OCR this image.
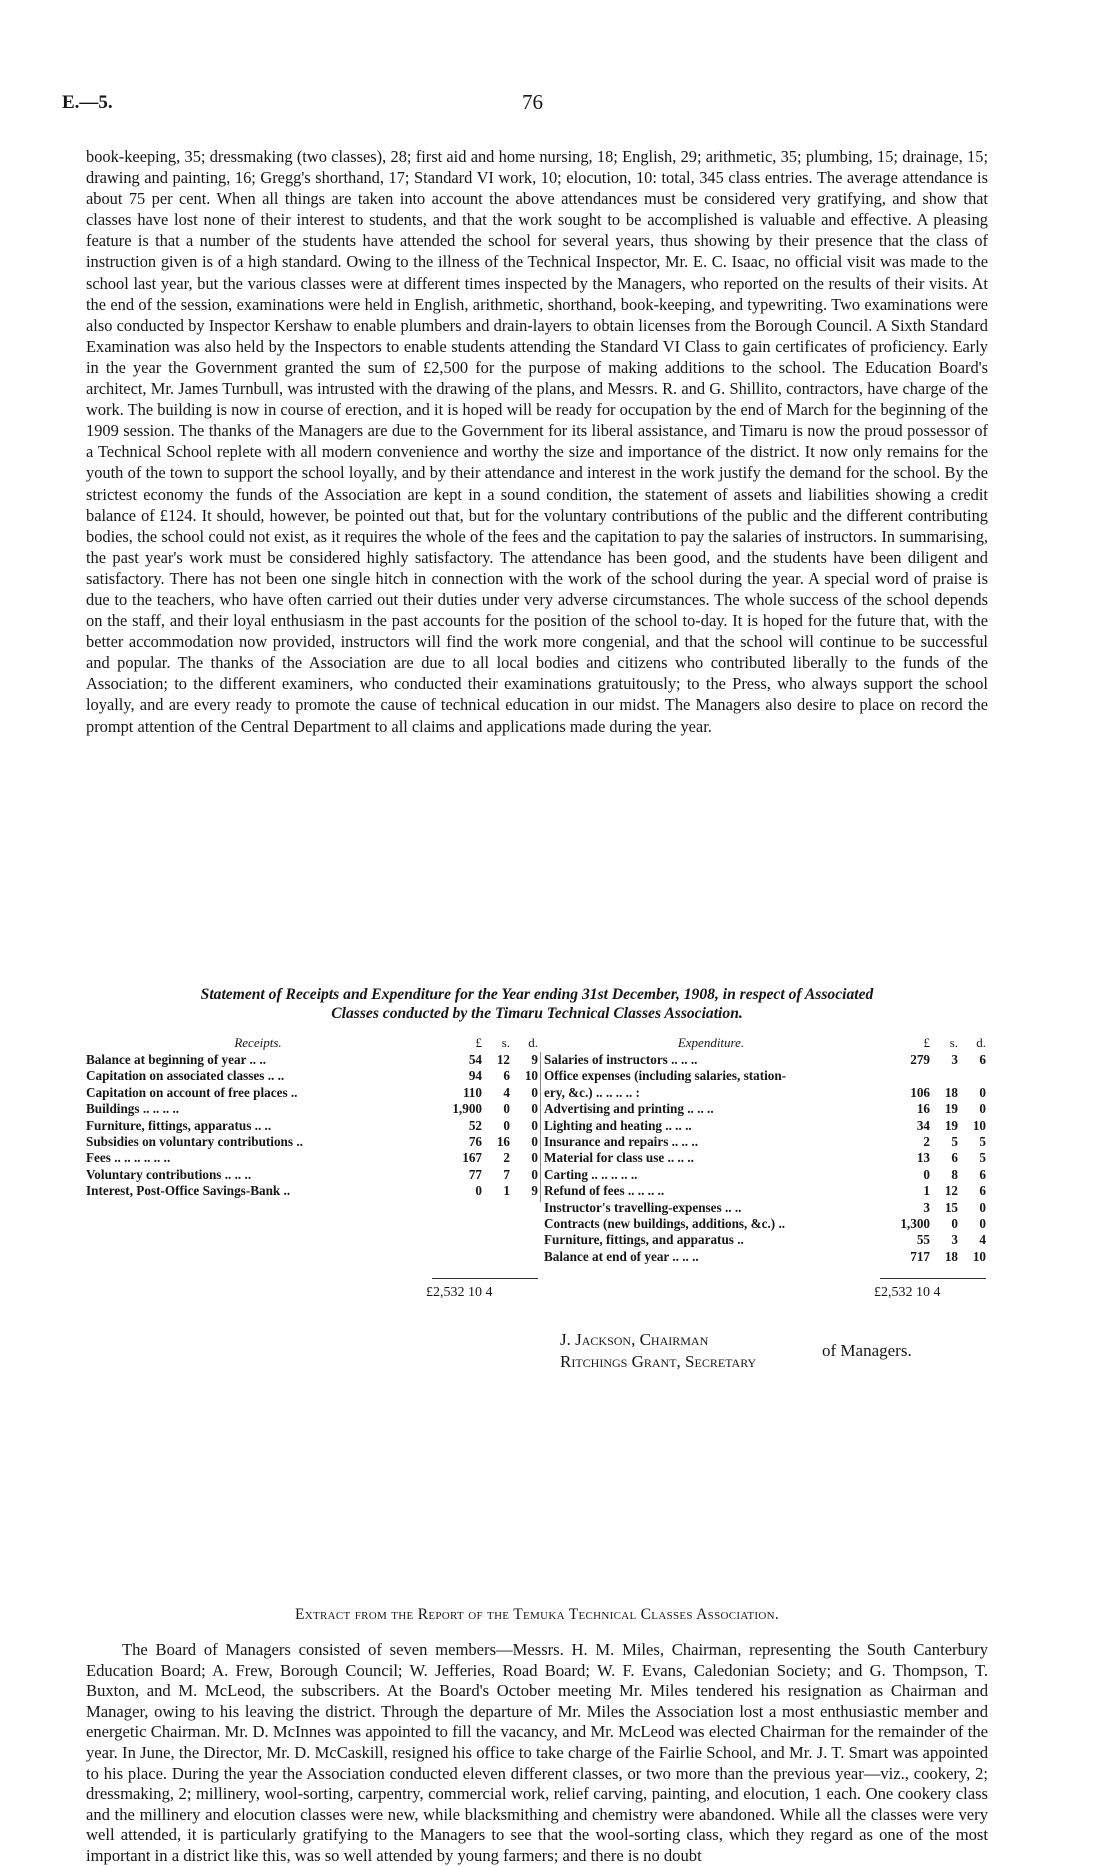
E.—5.	76
book-keeping, 35; dressmaking (two classes), 28; first aid and home nursing, 18; English, 29; arithmetic, 35; plumbing, 15; drainage, 15; drawing and painting, 16; Gregg's shorthand, 17; Standard VI work, 10; elocution, 10: total, 345 class entries. The average attendance is about 75 per cent. When all things are taken into account the above attendances must be considered very gratifying, and show that classes have lost none of their interest to students, and that the work sought to be accomplished is valuable and effective. A pleasing feature is that a number of the students have attended the school for several years, thus showing by their presence that the class of instruction given is of a high standard. Owing to the illness of the Technical Inspector, Mr. E. C. Isaac, no official visit was made to the school last year, but the various classes were at different times inspected by the Managers, who reported on the results of their visits. At the end of the session, examinations were held in English, arithmetic, shorthand, book-keeping, and typewriting. Two examinations were also conducted by Inspector Kershaw to enable plumbers and drain-layers to obtain licenses from the Borough Council. A Sixth Standard Examination was also held by the Inspectors to enable students attending the Standard VI Class to gain certificates of proficiency. Early in the year the Government granted the sum of £2,500 for the purpose of making additions to the school. The Education Board's architect, Mr. James Turnbull, was intrusted with the drawing of the plans, and Messrs. R. and G. Shillito, contractors, have charge of the work. The building is now in course of erection, and it is hoped will be ready for occupation by the end of March for the beginning of the 1909 session. The thanks of the Managers are due to the Government for its liberal assistance, and Timaru is now the proud possessor of a Technical School replete with all modern convenience and worthy the size and importance of the district. It now only remains for the youth of the town to support the school loyally, and by their attendance and interest in the work justify the demand for the school. By the strictest economy the funds of the Association are kept in a sound condition, the statement of assets and liabilities showing a credit balance of £124. It should, however, be pointed out that, but for the voluntary contributions of the public and the different contributing bodies, the school could not exist, as it requires the whole of the fees and the capitation to pay the salaries of instructors. In summarising, the past year's work must be considered highly satisfactory. The attendance has been good, and the students have been diligent and satisfactory. There has not been one single hitch in connection with the work of the school during the year. A special word of praise is due to the teachers, who have often carried out their duties under very adverse circumstances. The whole success of the school depends on the staff, and their loyal enthusiasm in the past accounts for the position of the school to-day. It is hoped for the future that, with the better accommodation now provided, instructors will find the work more congenial, and that the school will continue to be successful and popular. The thanks of the Association are due to all local bodies and citizens who contributed liberally to the funds of the Association; to the different examiners, who conducted their examinations gratuitously; to the Press, who always support the school loyally, and are every ready to promote the cause of technical education in our midst. The Managers also desire to place on record the prompt attention of the Central Department to all claims and applications made during the year.
Statement of Receipts and Expenditure for the Year ending 31st December, 1908, in respect of Associated
Classes conducted by the Timaru Technical Classes Association.
Receipts.	£	s.	d.
Balance at beginning of year .. ..	54	12	9
Capitation on associated classes .. ..	94	6	10
Capitation on account of free places ..	110	4	0
Buildings .. .. .. ..	1,900	0	0
Furniture, fittings, apparatus .. ..	52	0	0
Subsidies on voluntary contributions ..	76	16	0
Fees .. .. .. .. .. ..	167	2	0
Voluntary contributions .. .. ..	77	7	0
Interest, Post-Office Savings-Bank ..	0	1	9
Expenditure.	£	s.	d.
Salaries of instructors .. .. ..	279	3	6
Office expenses (including salaries, station-
ery, &c.) .. .. .. .. :	106	18	0
Advertising and printing .. .. ..	16	19	0
Lighting and heating .. .. ..	34	19	10
Insurance and repairs .. .. ..	2	5	5
Material for class use .. .. ..	13	6	5
Carting .. .. .. .. ..	0	8	6
Refund of fees .. .. .. ..	1	12	6
Instructor's travelling-expenses .. ..	3	15	0
Contracts (new buildings, additions, &c.) ..	1,300	0	0
Furniture, fittings, and apparatus ..	55	3	4
Balance at end of year .. .. ..	717	18	10
£2,532 10 4	£2,532 10 4
J. Jackson, Chairman
Ritchings Grant, Secretary
of Managers.
Extract from the Report of the Temuka Technical Classes Association.
The Board of Managers consisted of seven members—Messrs. H. M. Miles, Chairman, representing the South Canterbury Education Board; A. Frew, Borough Council; W. Jefferies, Road Board; W. F. Evans, Caledonian Society; and G. Thompson, T. Buxton, and M. McLeod, the subscribers. At the Board's October meeting Mr. Miles tendered his resignation as Chairman and Manager, owing to his leaving the district. Through the departure of Mr. Miles the Association lost a most enthusiastic member and energetic Chairman. Mr. D. McInnes was appointed to fill the vacancy, and Mr. McLeod was elected Chairman for the remainder of the year. In June, the Director, Mr. D. McCaskill, resigned his office to take charge of the Fairlie School, and Mr. J. T. Smart was appointed to his place. During the year the Association conducted eleven different classes, or two more than the previous year—viz., cookery, 2; dressmaking, 2; millinery, wool-sorting, carpentry, commercial work, relief carving, painting, and elocution, 1 each. One cookery class and the millinery and elocution classes were new, while blacksmithing and chemistry were abandoned. While all the classes were very well attended, it is particularly gratifying to the Managers to see that the wool-sorting class, which they regard as one of the most important in a district like this, was so well attended by young farmers; and there is no doubt
